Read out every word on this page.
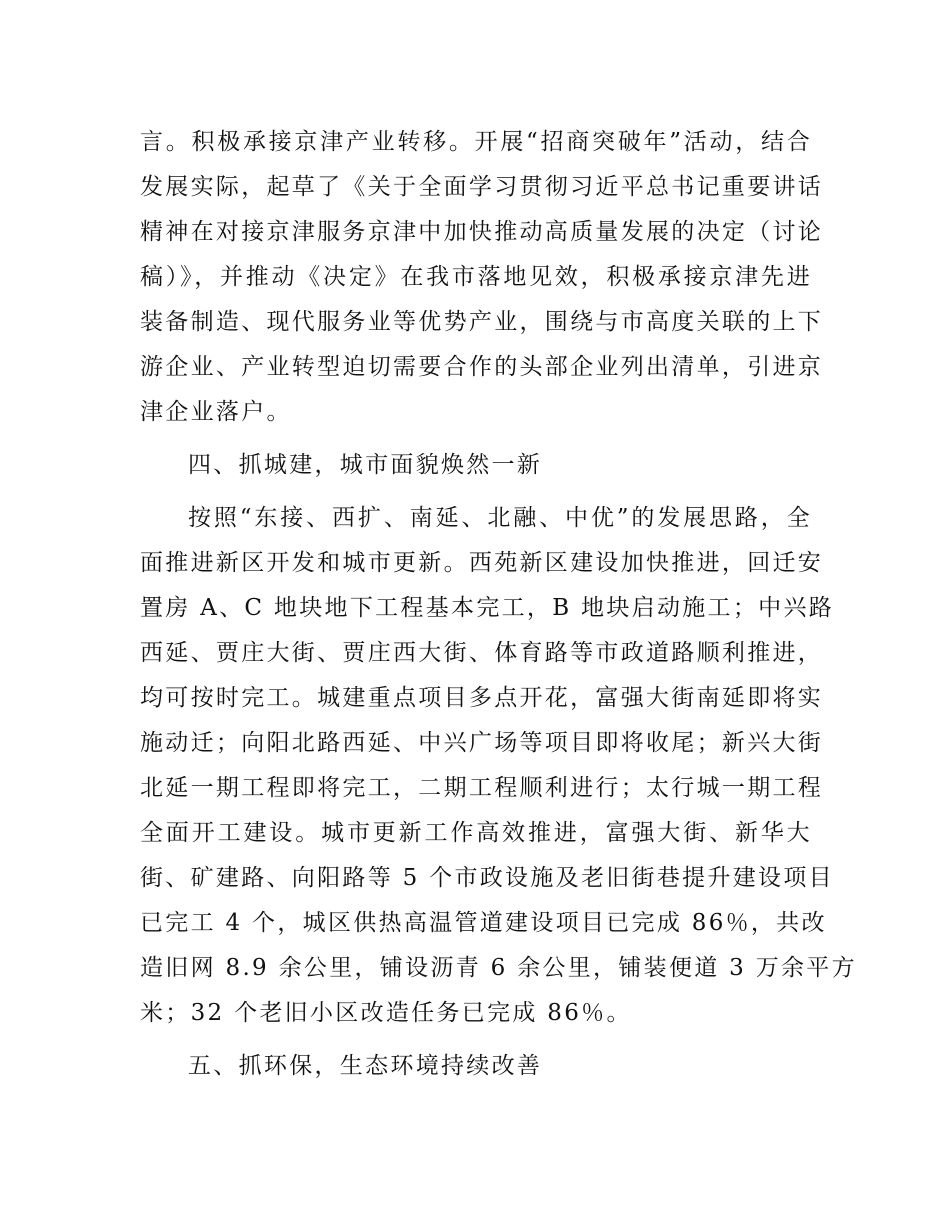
言。积极承接京津产业转移。开展“招商突破年”活动，结合
发展实际，起草了《关于全面学习贯彻习近平总书记重要讲话
精神在对接京津服务京津中加快推动高质量发展的决定（讨论
稿）》，并推动《决定》在我市落地见效，积极承接京津先进
装备制造、现代服务业等优势产业，围绕与市高度关联的上下
游企业、产业转型迫切需要合作的头部企业列出清单，引进京
津企业落户。
四、抓城建，城市面貌焕然一新
按照“东接、西扩、南延、北融、中优”的发展思路，全
面推进新区开发和城市更新。西苑新区建设加快推进，回迁安
置房 A、C 地块地下工程基本完工，B 地块启动施工；中兴路
西延、贾庄大街、贾庄西大街、体育路等市政道路顺利推进，
均可按时完工。城建重点项目多点开花，富强大街南延即将实
施动迁；向阳北路西延、中兴广场等项目即将收尾；新兴大街
北延一期工程即将完工，二期工程顺利进行；太行城一期工程
全面开工建设。城市更新工作高效推进，富强大街、新华大
街、矿建路、向阳路等 5 个市政设施及老旧街巷提升建设项目
已完工 4 个，城区供热高温管道建设项目已完成 86％，共改
造旧网 8.9 余公里，铺设沥青 6 余公里，铺装便道 3 万余平方
米；32 个老旧小区改造任务已完成 86％。
五、抓环保，生态环境持续改善
